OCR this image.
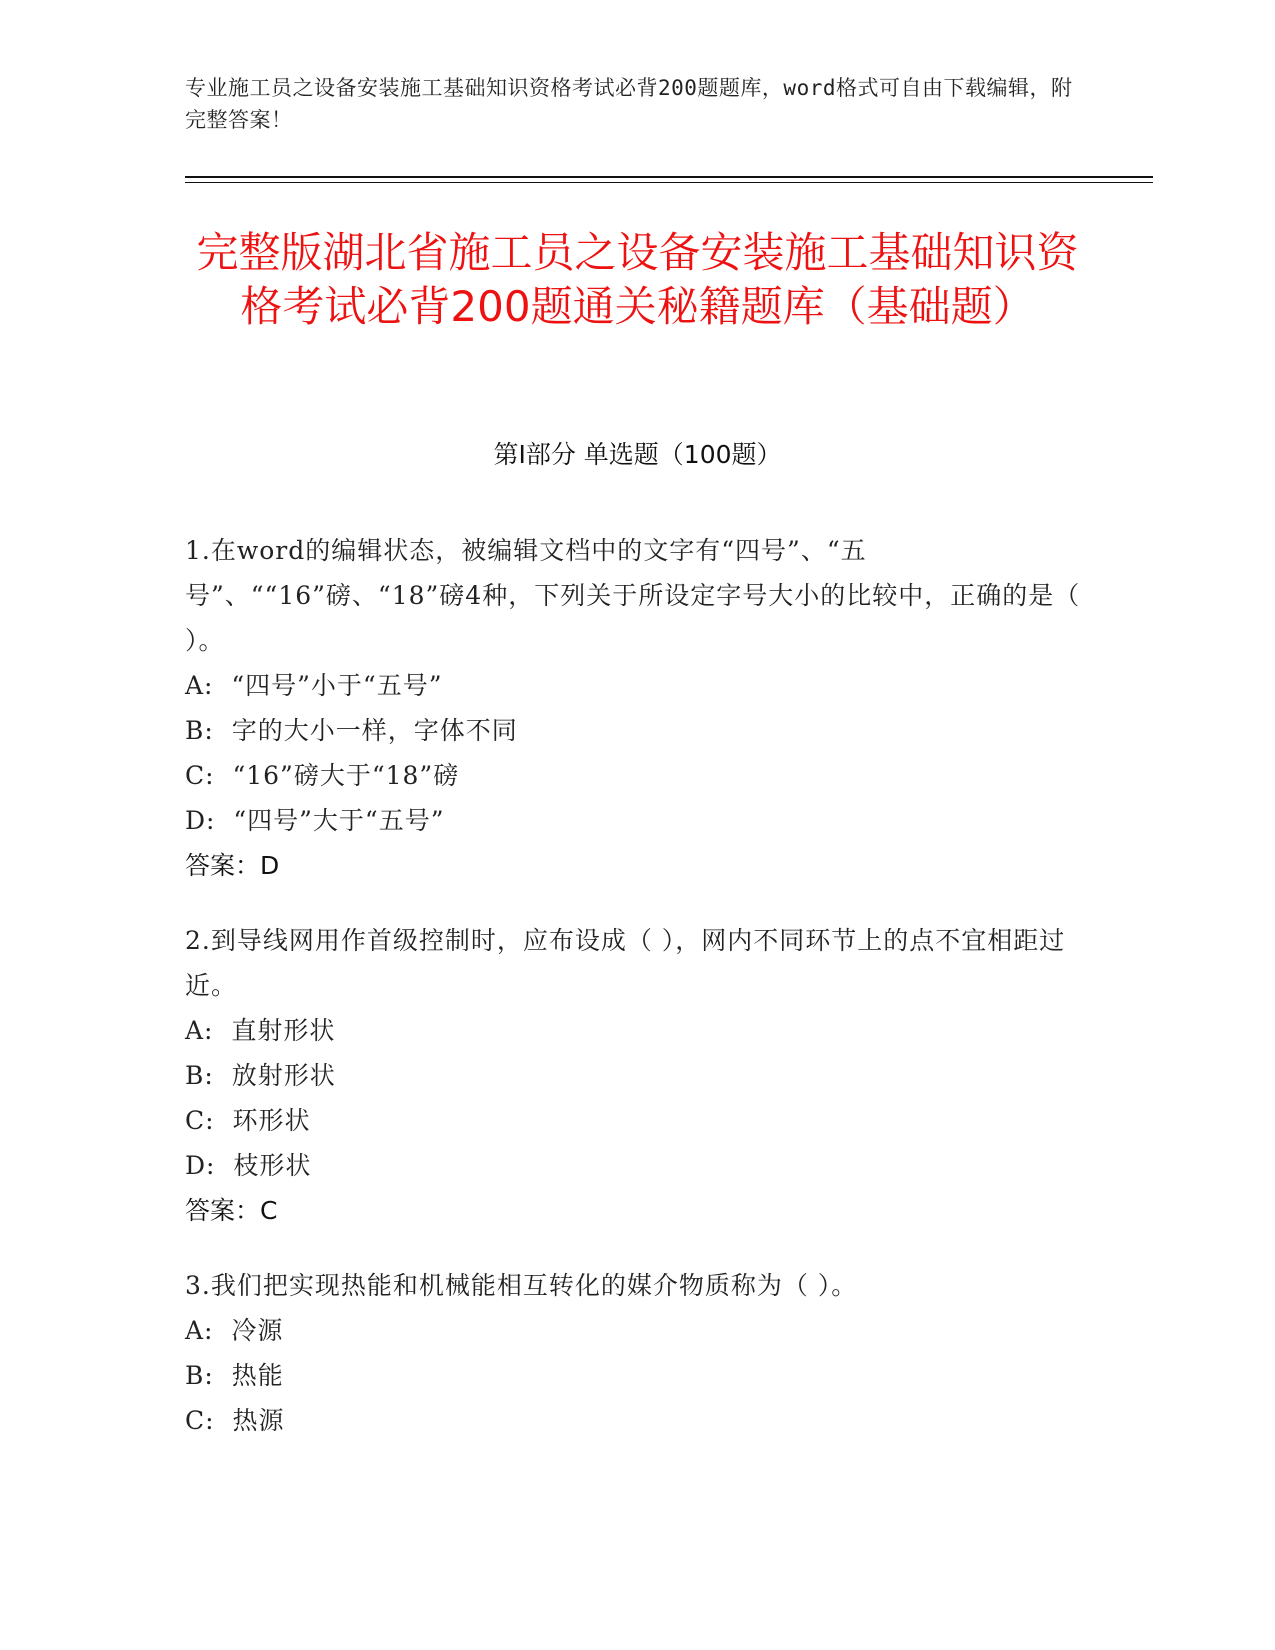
专业施工员之设备安装施工基础知识资格考试必背200题题库，word格式可自由下载编辑，附完整答案！
完整版湖北省施工员之设备安装施工基础知识资格考试必背200题通关秘籍题库（基础题）
第Ⅰ部分 单选题（100题）
1.在word的编辑状态，被编辑文档中的文字有“四号”、“五号”、““16”磅、“18”磅4种，下列关于所设定字号大小的比较中，正确的是（ ）。
A:  “四号”小于“五号”
B:  字的大小一样，字体不同
C:  “16”磅大于“18”磅
D:  “四号”大于“五号”
答案：D
2.到导线网用作首级控制时，应布设成（ ），网内不同环节上的点不宜相距过近。
A:  直射形状
B:  放射形状
C:  环形状
D:  枝形状
答案：C
3.我们把实现热能和机械能相互转化的媒介物质称为（ ）。
A:  冷源
B:  热能
C:  热源
